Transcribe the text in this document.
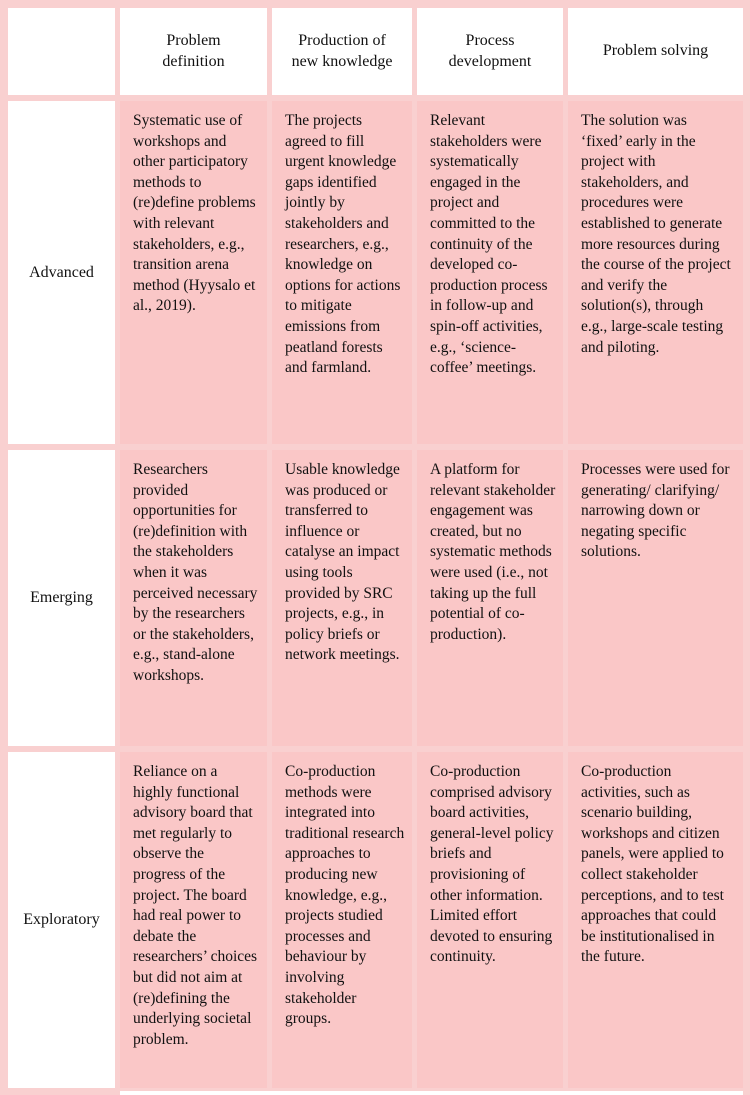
Problem definition
Production of new knowledge
Process development
Problem solving
Advanced
Systematic use of workshops and other participatory methods to (re)define problems with relevant stakeholders, e.g., transition arena method (Hyysalo et al., 2019).
The projects agreed to fill urgent knowledge gaps identified jointly by stakeholders and researchers, e.g., knowledge on options for actions to mitigate emissions from peatland forests and farmland.
Relevant stakeholders were systematically engaged in the project and committed to the continuity of the developed co-production process in follow-up and spin-off activities, e.g., ‘science-coffee’ meetings.
The solution was ‘fixed’ early in the project with stakeholders, and procedures were established to generate more resources during the course of the project and verify the solution(s), through e.g., large-scale testing and piloting.
Emerging
Researchers provided opportunities for (re)definition with the stakeholders when it was perceived necessary by the researchers or the stakeholders, e.g., stand-alone workshops.
Usable knowledge was produced or transferred to influence or catalyse an impact using tools provided by SRC projects, e.g., in policy briefs or network meetings.
A platform for relevant stakeholder engagement was created, but no systematic methods were used (i.e., not taking up the full potential of co-production).
Processes were used for generating/ clarifying/ narrowing down or negating specific solutions.
Exploratory
Reliance on a highly functional advisory board that met regularly to observe the progress of the project. The board had real power to debate the researchers’ choices but did not aim at (re)defining the underlying societal problem.
Co-production methods were integrated into traditional research approaches to producing new knowledge, e.g., projects studied processes and behaviour by involving stakeholder groups.
Co-production comprised advisory board activities, general-level policy briefs and provisioning of other information. Limited effort devoted to ensuring continuity.
Co-production activities, such as scenario building, workshops and citizen panels, were applied to collect stakeholder perceptions, and to test approaches that could be institutionalised in the future.
